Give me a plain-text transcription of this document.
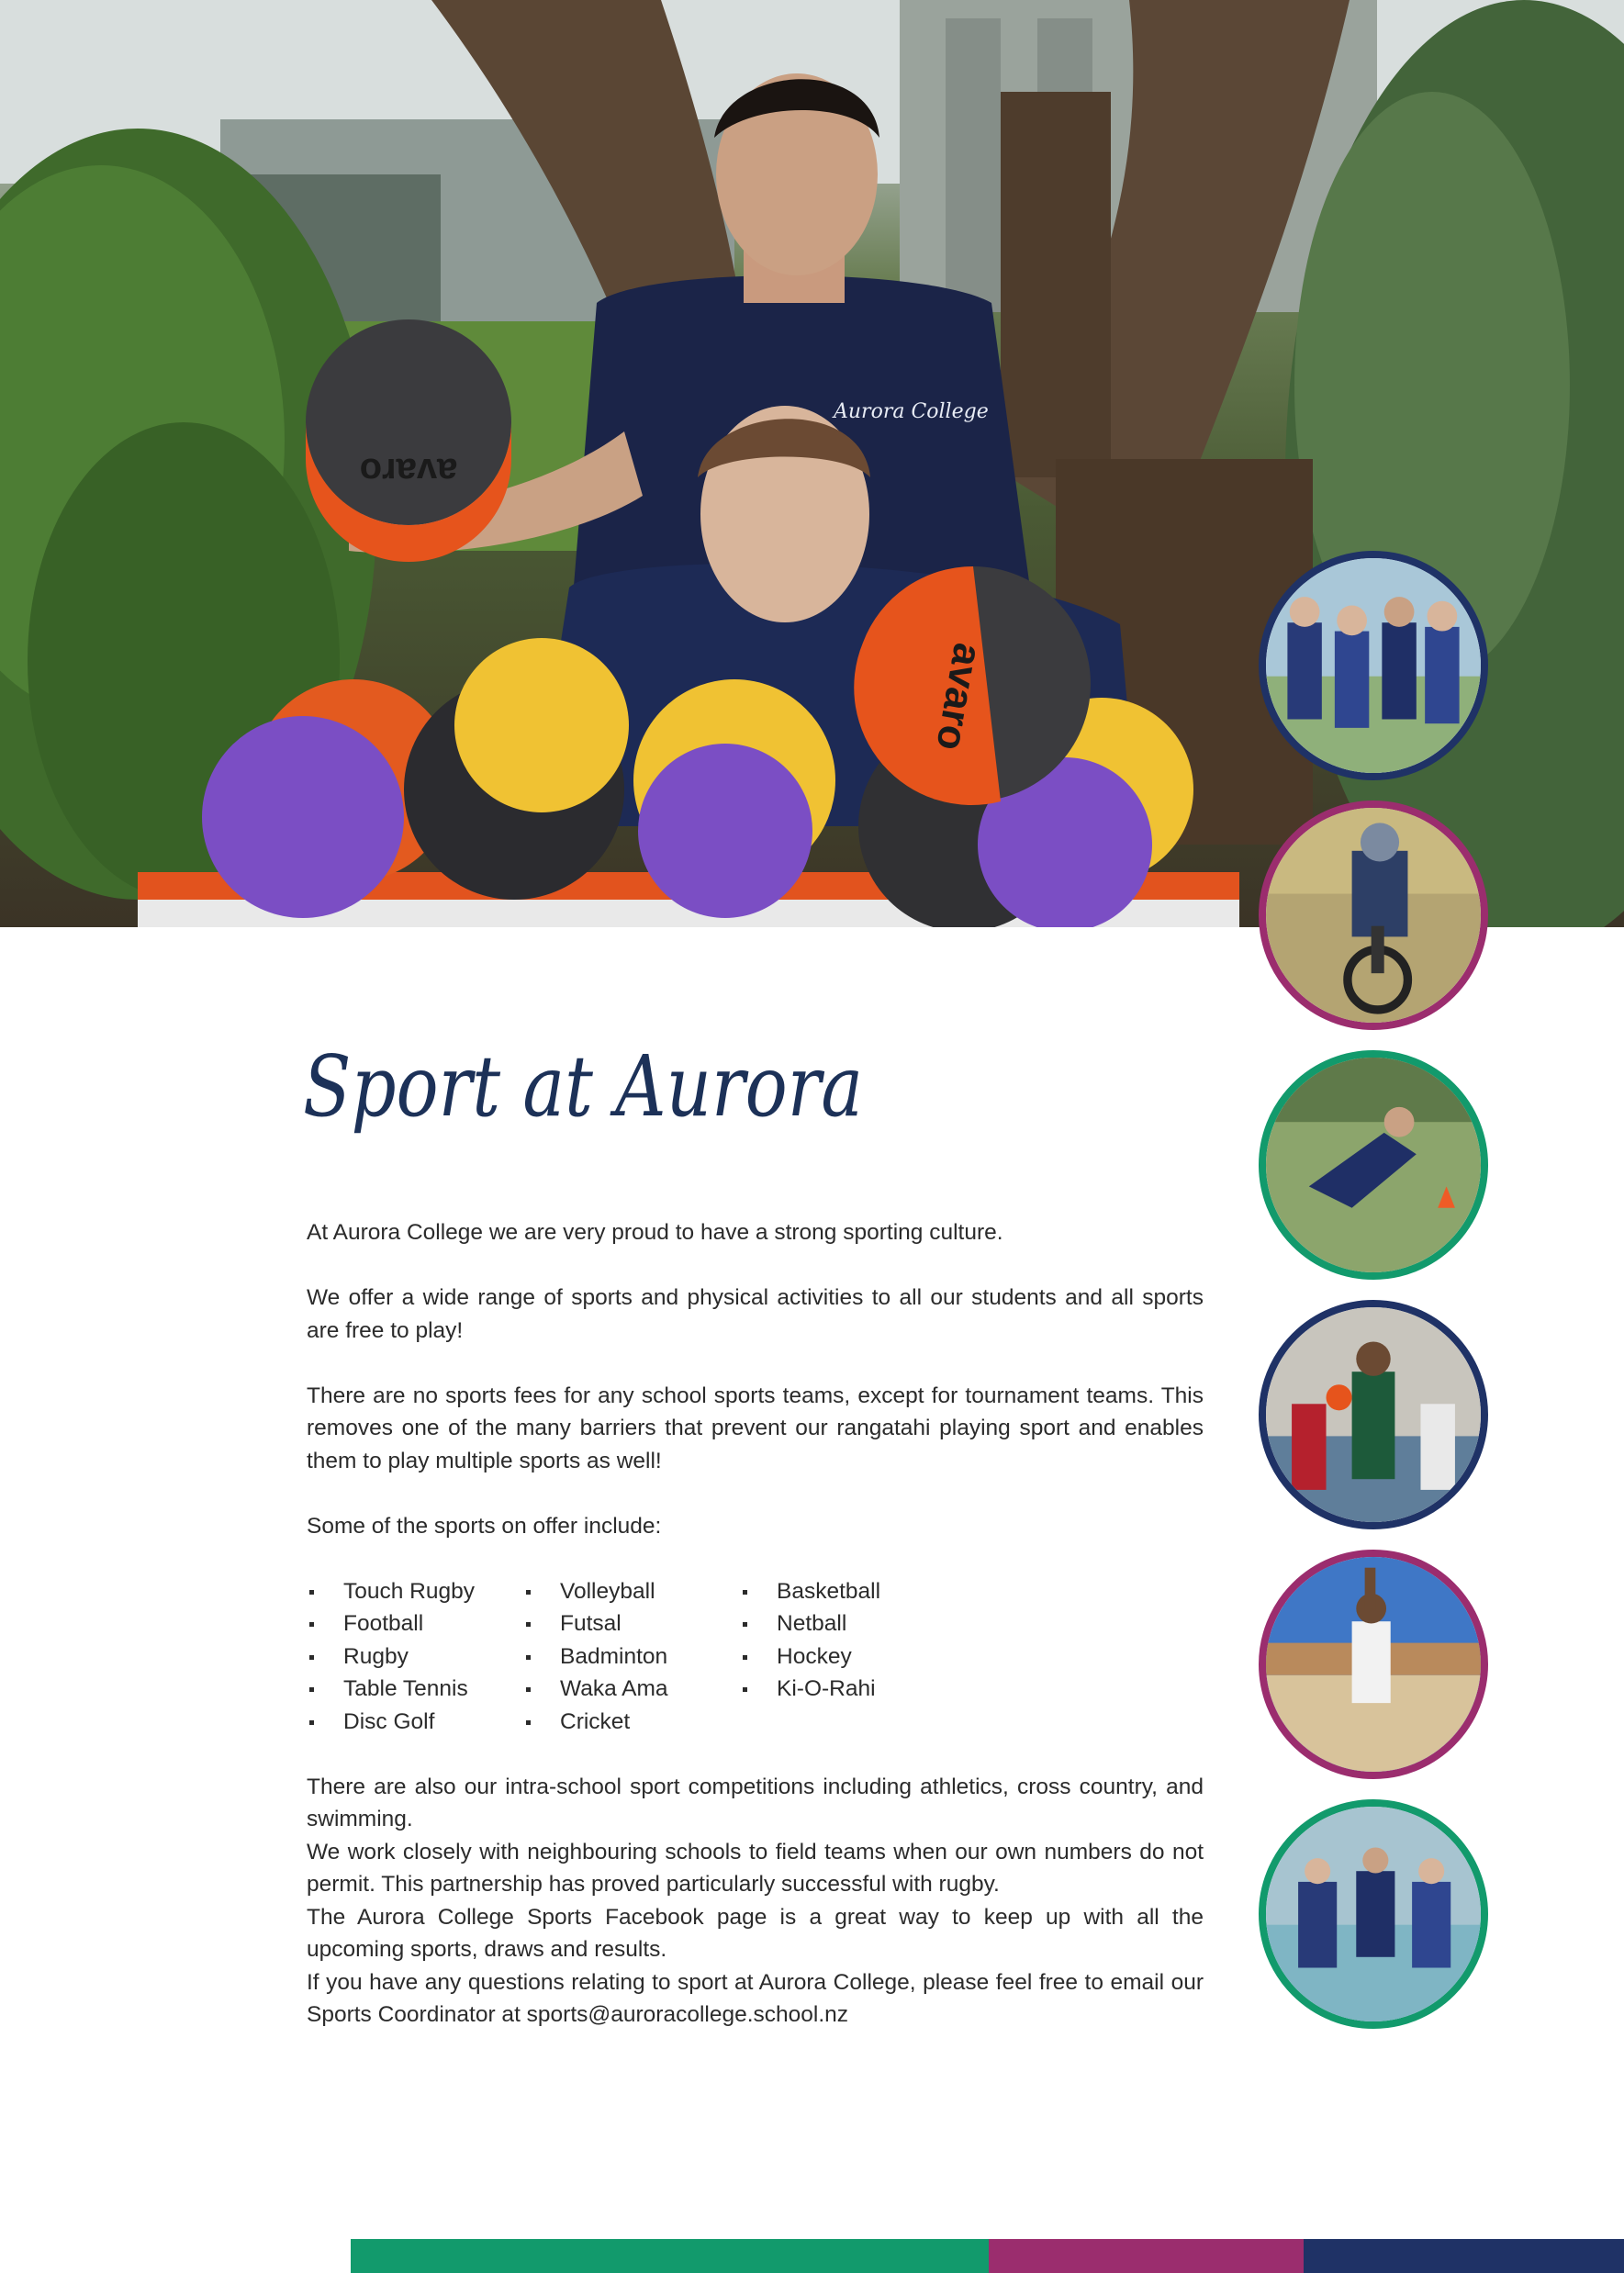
Aurora College
avaro
avaro
Sport at Aurora

At Aurora College we are very proud to have a strong sporting culture.

We offer a wide range of sports and physical activities to all our students and all sports are free to play!

There are no sports fees for any school sports teams, except for tournament teams. This removes one of the many barriers that prevent our rangatahi playing sport and enables them to play multiple sports as well!

Some of the sports on offer include:

Touch Rugby
Football
Rugby
Table Tennis
Disc Golf
Volleyball
Futsal
Badminton
Waka Ama
Cricket
Basketball
Netball
Hockey
Ki-O-Rahi

There are also our intra-school sport competitions including athletics, cross country, and swimming.

We work closely with neighbouring schools to field teams when our own numbers do not permit. This partnership has proved particularly successful with rugby.

The Aurora College Sports Facebook page is a great way to keep up with all the upcoming sports, draws and results.

If you have any questions relating to sport at Aurora College, please feel free to email our Sports Coordinator at sports@auroracollege.school.nz
